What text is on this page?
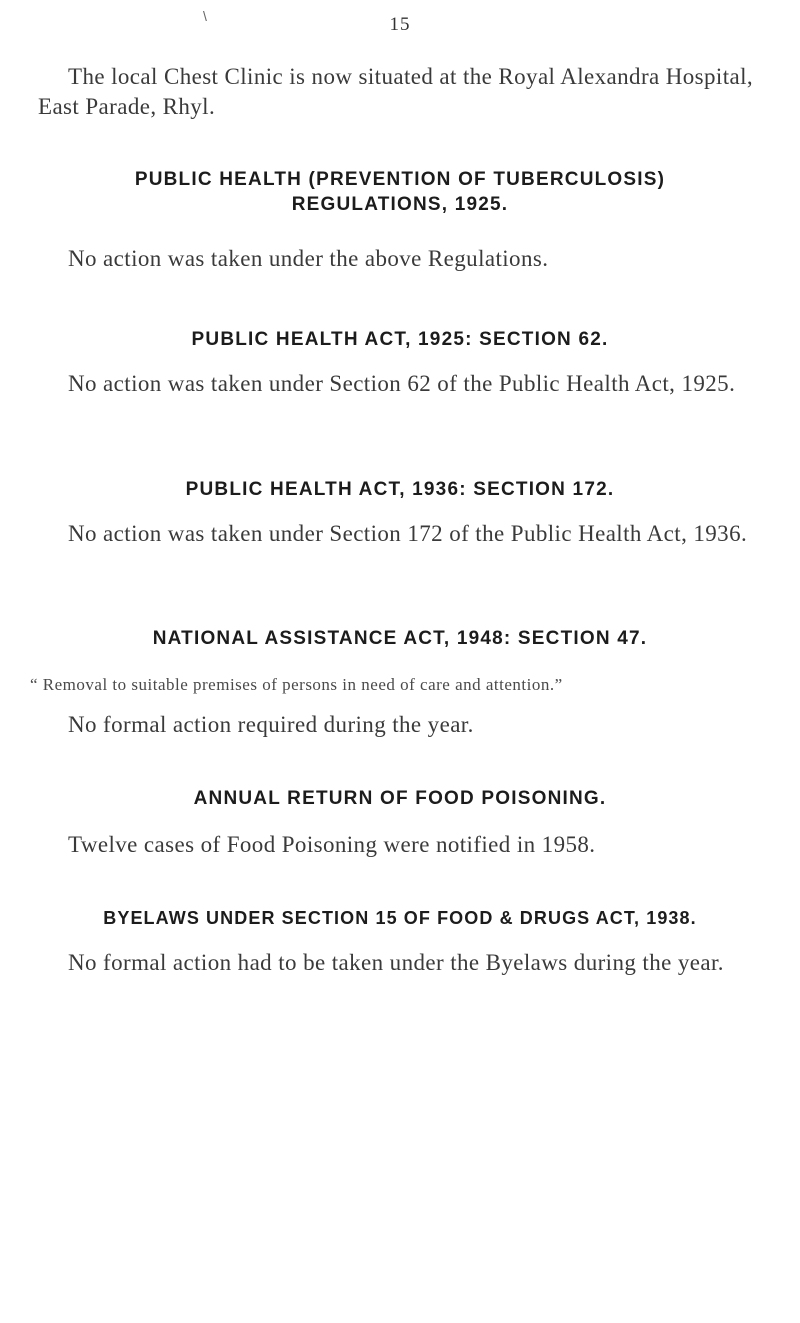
\	15

The local Chest Clinic is now situated at the Royal Alexandra Hospital, East Parade, Rhyl.

PUBLIC HEALTH (PREVENTION OF TUBERCULOSIS)
REGULATIONS, 1925.

No action was taken under the above Regulations.

PUBLIC HEALTH ACT, 1925: SECTION 62.

No action was taken under Section 62 of the Public Health Act, 1925.

PUBLIC HEALTH ACT, 1936: SECTION 172.

No action was taken under Section 172 of the Public Health Act, 1936.

NATIONAL ASSISTANCE ACT, 1948: SECTION 47.
“ Removal to suitable premises of persons in need of care and attention.”

No formal action required during the year.

ANNUAL RETURN OF FOOD POISONING.

Twelve cases of Food Poisoning were notified in 1958.

BYELAWS UNDER SECTION 15 OF FOOD & DRUGS ACT, 1938.

No formal action had to be taken under the Byelaws during the year.
